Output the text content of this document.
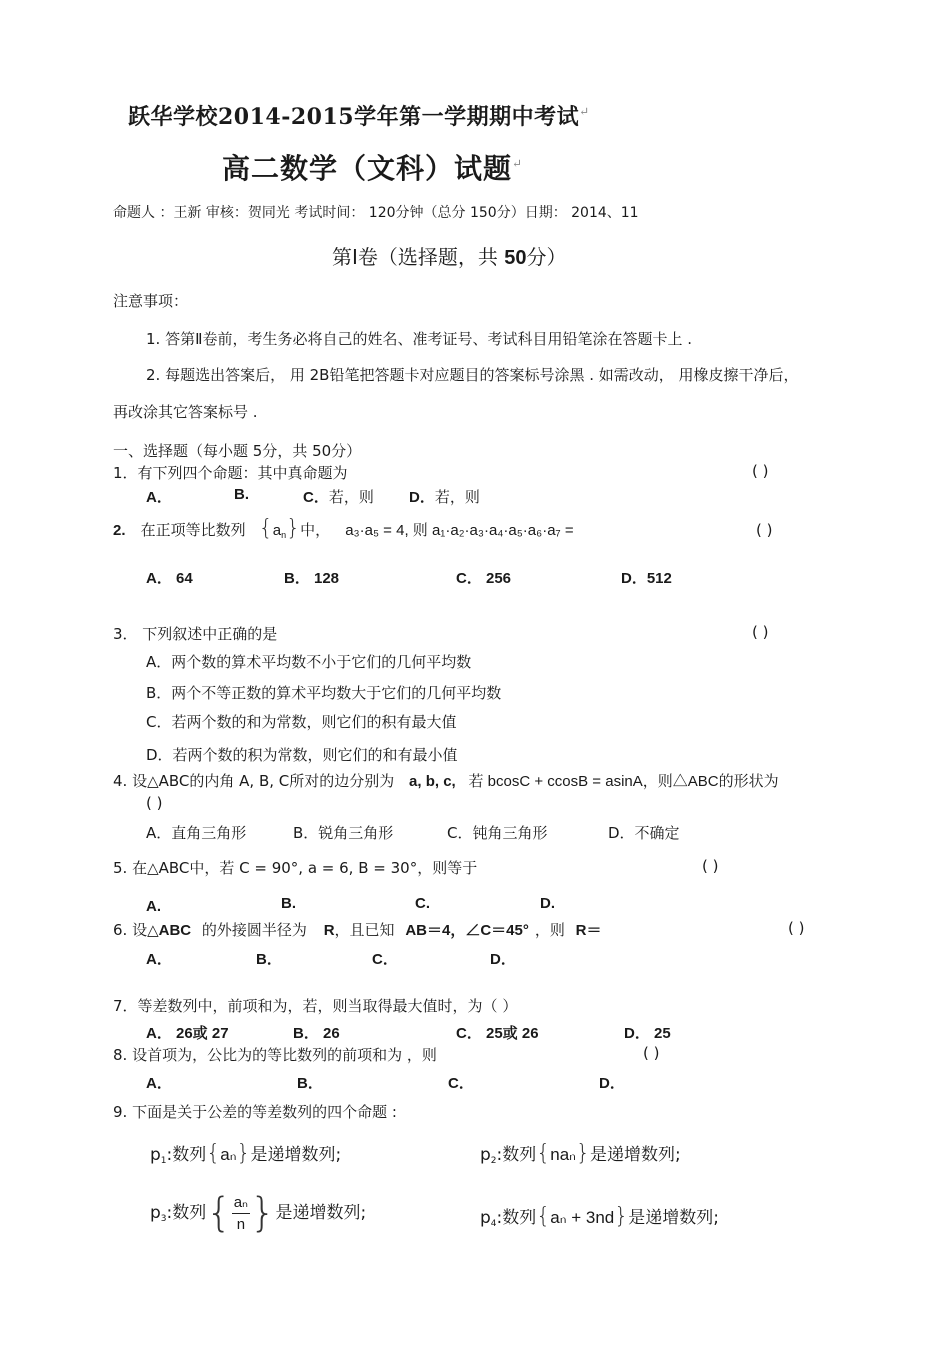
跃华学校2014-2015学年第一学期期中考试↵
高二数学（文科）试题↵
命题人 ：王新 审核：贺同光 考试时间： 120分钟（总分 150分）日期： 2014、11
第Ⅰ卷（选择题，共 50分）
注意事项：
1. 答第Ⅱ卷前，考生务必将自己的姓名、准考证号、考试科目用铅笔涂在答题卡上 .
2. 每题选出答案后， 用 2B铅笔把答题卡对应题目的答案标号涂黑 . 如需改动， 用橡皮擦干净后，
再改涂其它答案标号 .
一、选择题（每小题 5分，共 50分）
1．有下列四个命题：其中真命题为	( )
A．	B.	C．若，则 D．若，则
2. 在正项等比数列 $\{a_n\}$中， a₃·a₅ = 4, 则 a₁·a₂·a₃·a₄·a₅·a₆·a₇ =	( )
A． 64	B． 128	C． 256	D．512
3． 下列叙述中正确的是	( )
A．两个数的算术平均数不小于它们的几何平均数
B．两个不等正数的算术平均数大于它们的几何平均数
C．若两个数的和为常数，则它们的积有最大值
D．若两个数的积为常数，则它们的和有最小值
4. 设△ABC的内角 A, B, C所对的边分别为 a, b, c, 若 bcosC + ccosB = asinA，则△ABC的形状为
( )
A．直角三角形	B．锐角三角形	C．钝角三角形	D．不确定
5. 在△ABC中，若 C = 90°, a = 6, B = 30°，则等于	( )
A.	B.	C.	D.
6. 设△ABC 的外接圆半径为 R，且已知 AB＝4，∠C＝45° ，则 R＝	( )
A．	B．	C．	D．
7．等差数列中，前项和为，若，则当取得最大值时，为（ ）
A． 26或 27	B． 26	C． 25或 26	D． 25
8. 设首项为，公比为的等比数列的前项和为 ，则	( )
A．	B．	C．	D．
9. 下面是关于公差的等差数列的四个命题 :
$p_1$:数列{aₙ}是递增数列;	$p_2$:数列{naₙ}是递增数列;
$p_3$:数列{ $\frac{\text{aₙ}}{n}$ }是递增数列;	$p_4$:数列{aₙ + 3nd}是递增数列;
